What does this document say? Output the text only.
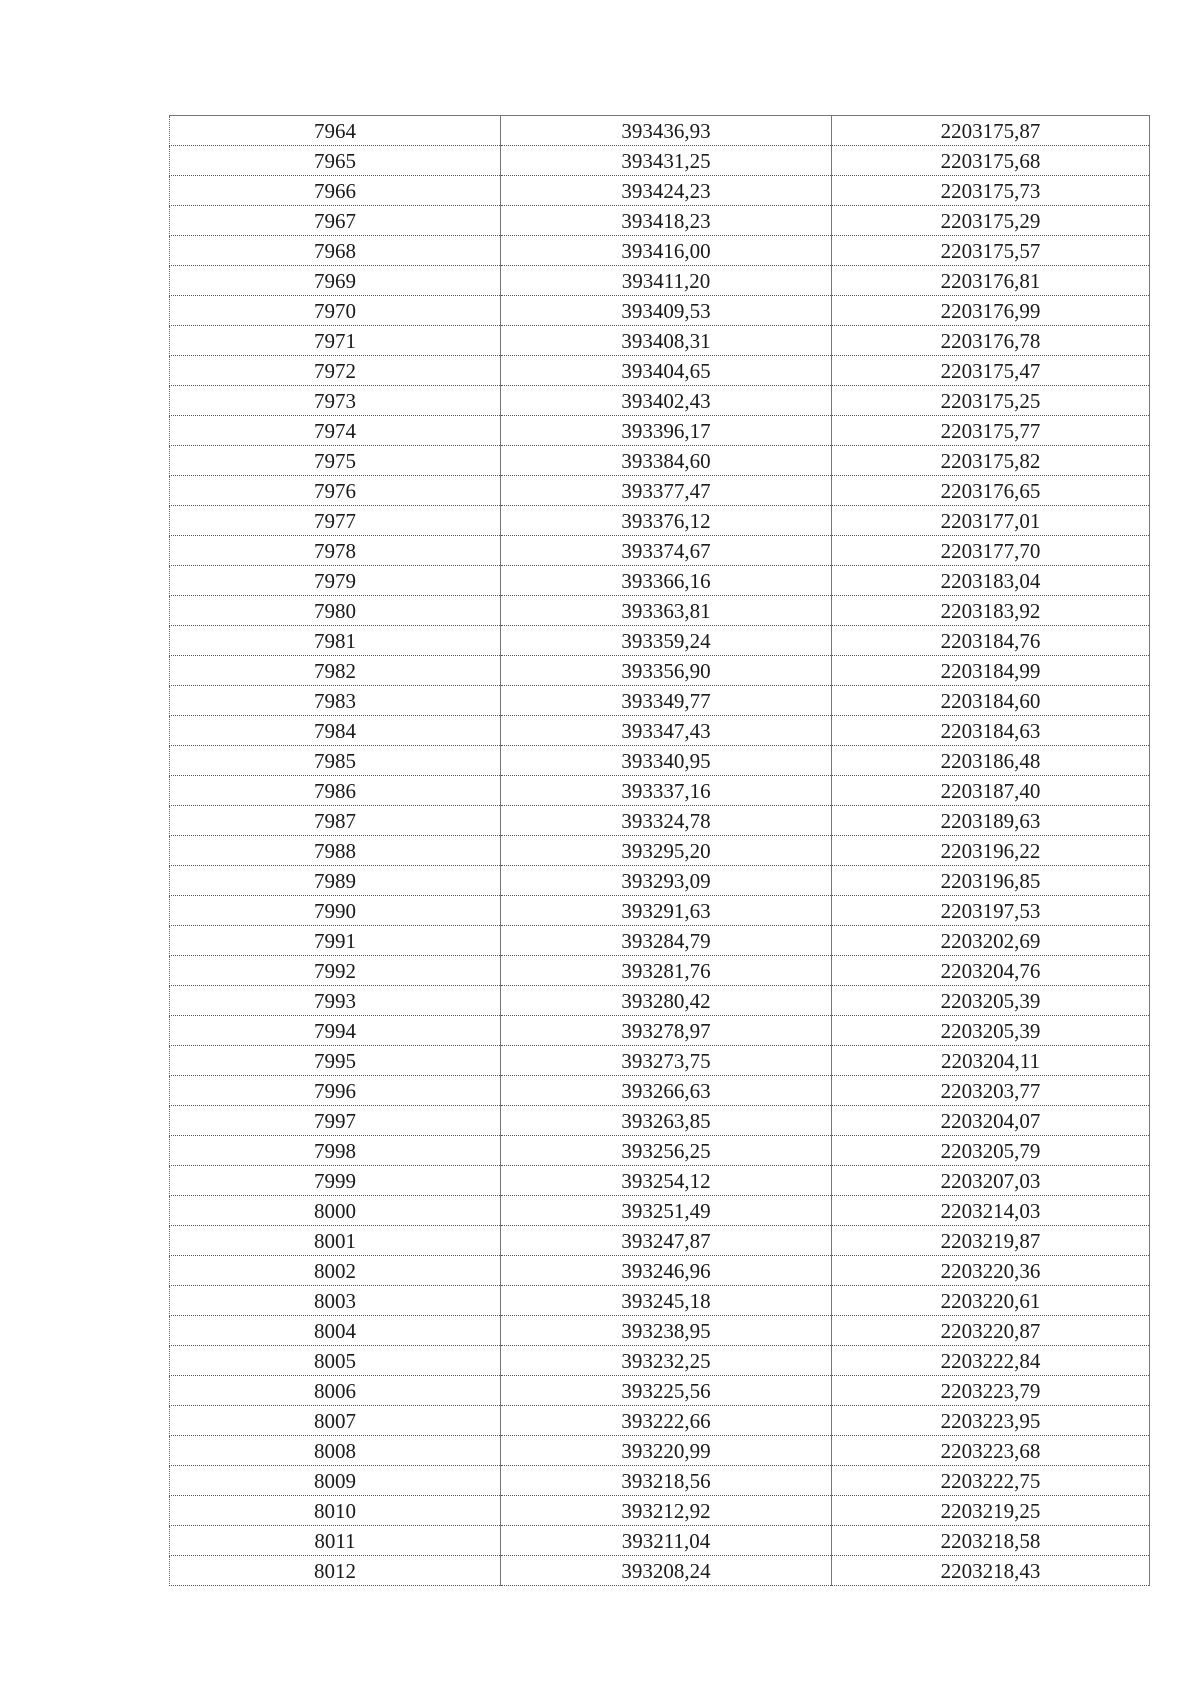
7964	393436,93	2203175,87
7965	393431,25	2203175,68
7966	393424,23	2203175,73
7967	393418,23	2203175,29
7968	393416,00	2203175,57
7969	393411,20	2203176,81
7970	393409,53	2203176,99
7971	393408,31	2203176,78
7972	393404,65	2203175,47
7973	393402,43	2203175,25
7974	393396,17	2203175,77
7975	393384,60	2203175,82
7976	393377,47	2203176,65
7977	393376,12	2203177,01
7978	393374,67	2203177,70
7979	393366,16	2203183,04
7980	393363,81	2203183,92
7981	393359,24	2203184,76
7982	393356,90	2203184,99
7983	393349,77	2203184,60
7984	393347,43	2203184,63
7985	393340,95	2203186,48
7986	393337,16	2203187,40
7987	393324,78	2203189,63
7988	393295,20	2203196,22
7989	393293,09	2203196,85
7990	393291,63	2203197,53
7991	393284,79	2203202,69
7992	393281,76	2203204,76
7993	393280,42	2203205,39
7994	393278,97	2203205,39
7995	393273,75	2203204,11
7996	393266,63	2203203,77
7997	393263,85	2203204,07
7998	393256,25	2203205,79
7999	393254,12	2203207,03
8000	393251,49	2203214,03
8001	393247,87	2203219,87
8002	393246,96	2203220,36
8003	393245,18	2203220,61
8004	393238,95	2203220,87
8005	393232,25	2203222,84
8006	393225,56	2203223,79
8007	393222,66	2203223,95
8008	393220,99	2203223,68
8009	393218,56	2203222,75
8010	393212,92	2203219,25
8011	393211,04	2203218,58
8012	393208,24	2203218,43
